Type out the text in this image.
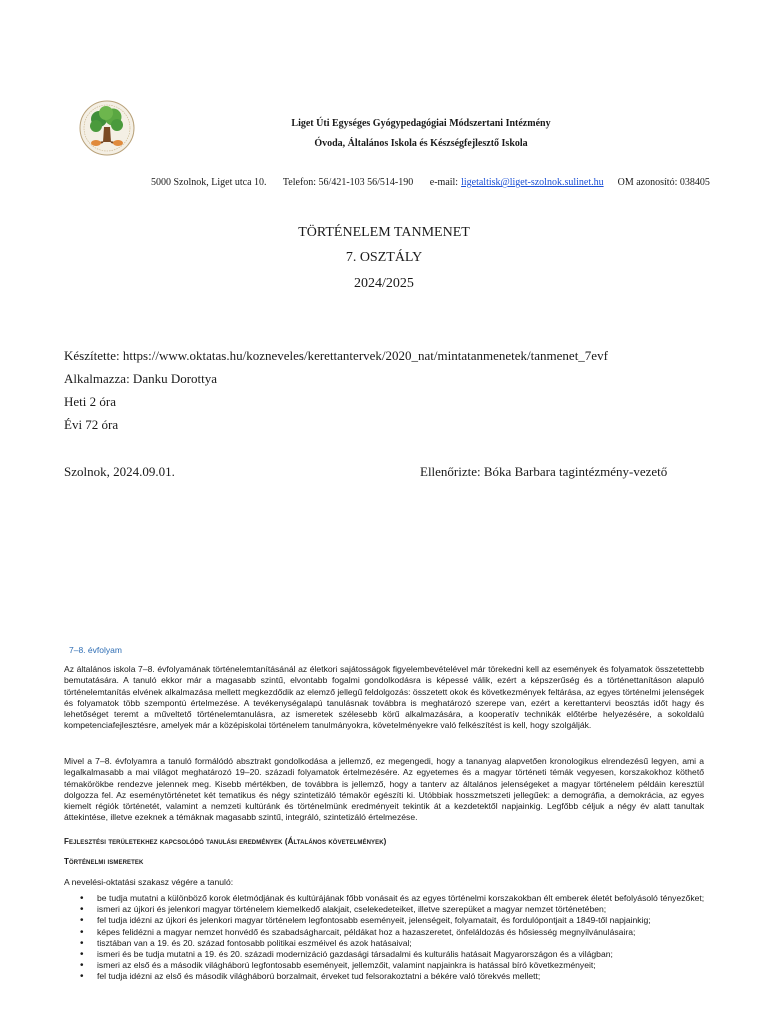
Liget Úti Egységes Gyógypedagógiai Módszertani Intézmény
Óvoda, Általános Iskola és Készségfejlesztő Iskola
5000 Szolnok, Liget utca 10. Telefon: 56/421-103 56/514-190 e-mail: ligetaltisk@liget-szolnok.sulinet.hu OM azonosító: 038405
TÖRTÉNELEM TANMENET
7. OSZTÁLY
2024/2025
Készítette: https://www.oktatas.hu/kozneveles/kerettantervek/2020_nat/mintatanmenetek/tanmenet_7evf
Alkalmazza: Danku Dorottya
Heti 2 óra
Évi 72 óra
Szolnok, 2024.09.01.	Ellenőrizte: Bóka Barbara tagintézmény-vezető
7–8. évfolyam

Az általános iskola 7–8. évfolyamának történelemtanításánál az életkori sajátosságok figyelembevételével már törekedni kell az események és folyamatok összetettebb bemutatására. A tanuló ekkor már a magasabb szintű, elvontabb fogalmi gondolkodásra is képessé válik, ezért a képszerűség és a történettanításon alapuló történelemtanítás elvének alkalmazása mellett megkezdődik az elemző jellegű feldolgozás: összetett okok és következmények feltárása, az egyes történelmi jelenségek és folyamatok több szempontú értelmezése. A tevékenységalapú tanulásnak továbbra is meghatározó szerepe van, ezért a kerettantervi beosztás időt hagy és lehetőséget teremt a műveltető történelemtanulásra, az ismeretek szélesebb körű alkalmazására, a kooperatív technikák előtérbe helyezésére, a sokoldalú kompetenciafejlesztésre, amelyek már a középiskolai történelem tanulmányokra, követelményekre való felkészítést is kell, hogy szolgálják.

Mivel a 7–8. évfolyamra a tanuló formálódó absztrakt gondolkodása a jellemző, ez megengedi, hogy a tananyag alapvetően kronologikus elrendezésű legyen, ami a legalkalmasabb a mai világot meghatározó 19–20. századi folyamatok értelmezésére. Az egyetemes és a magyar történeti témák vegyesen, korszakokhoz köthető témakörökbe rendezve jelennek meg. Kisebb mértékben, de továbbra is jellemző, hogy a tanterv az általános jelenségeket a magyar történelem példáin keresztül dolgozza fel. Az eseménytörténetet két tematikus és négy szintetizáló témakör egészíti ki. Utóbbiak hosszmetszeti jellegűek: a demográfia, a demokrácia, az egyes kiemelt régiók történetét, valamint a nemzeti kultúránk és történelmünk eredményeit tekintik át a kezdetektől napjainkig. Legfőbb céljuk a négy év alatt tanultak áttekintése, illetve ezeknek a témáknak magasabb szintű, integráló, szintetizáló értelmezése.

Fejlesztési területekhez kapcsolódó tanulási eredmények (Általános követelmények)
Történelmi ismeretek
A nevelési-oktatási szakasz végére a tanuló:
• be tudja mutatni a különböző korok életmódjának és kultúrájának főbb vonásait és az egyes történelmi korszakokban élt emberek életét befolyásoló tényezőket;
• ismeri az újkori és jelenkori magyar történelem kiemelkedő alakjait, cselekedeteiket, illetve szerepüket a magyar nemzet történetében;
• fel tudja idézni az újkori és jelenkori magyar történelem legfontosabb eseményeit, jelenségeit, folyamatait, és fordulópontjait a 1849-től napjainkig;
• képes felidézni a magyar nemzet honvédő és szabadságharcait, példákat hoz a hazaszeretet, önfeláldozás és hősiesség megnyilvánulásaira;
• tisztában van a 19. és 20. század fontosabb politikai eszméivel és azok hatásaival;
• ismeri és be tudja mutatni a 19. és 20. századi modernizáció gazdasági társadalmi és kulturális hatásait Magyarországon és a világban;
• ismeri az első és a második világháború legfontosabb eseményeit, jellemzőit, valamint napjainkra is hatással bíró következményeit;
• fel tudja idézni az első és második világháború borzalmait, érveket tud felsorakoztatni a békére való törekvés mellett;
